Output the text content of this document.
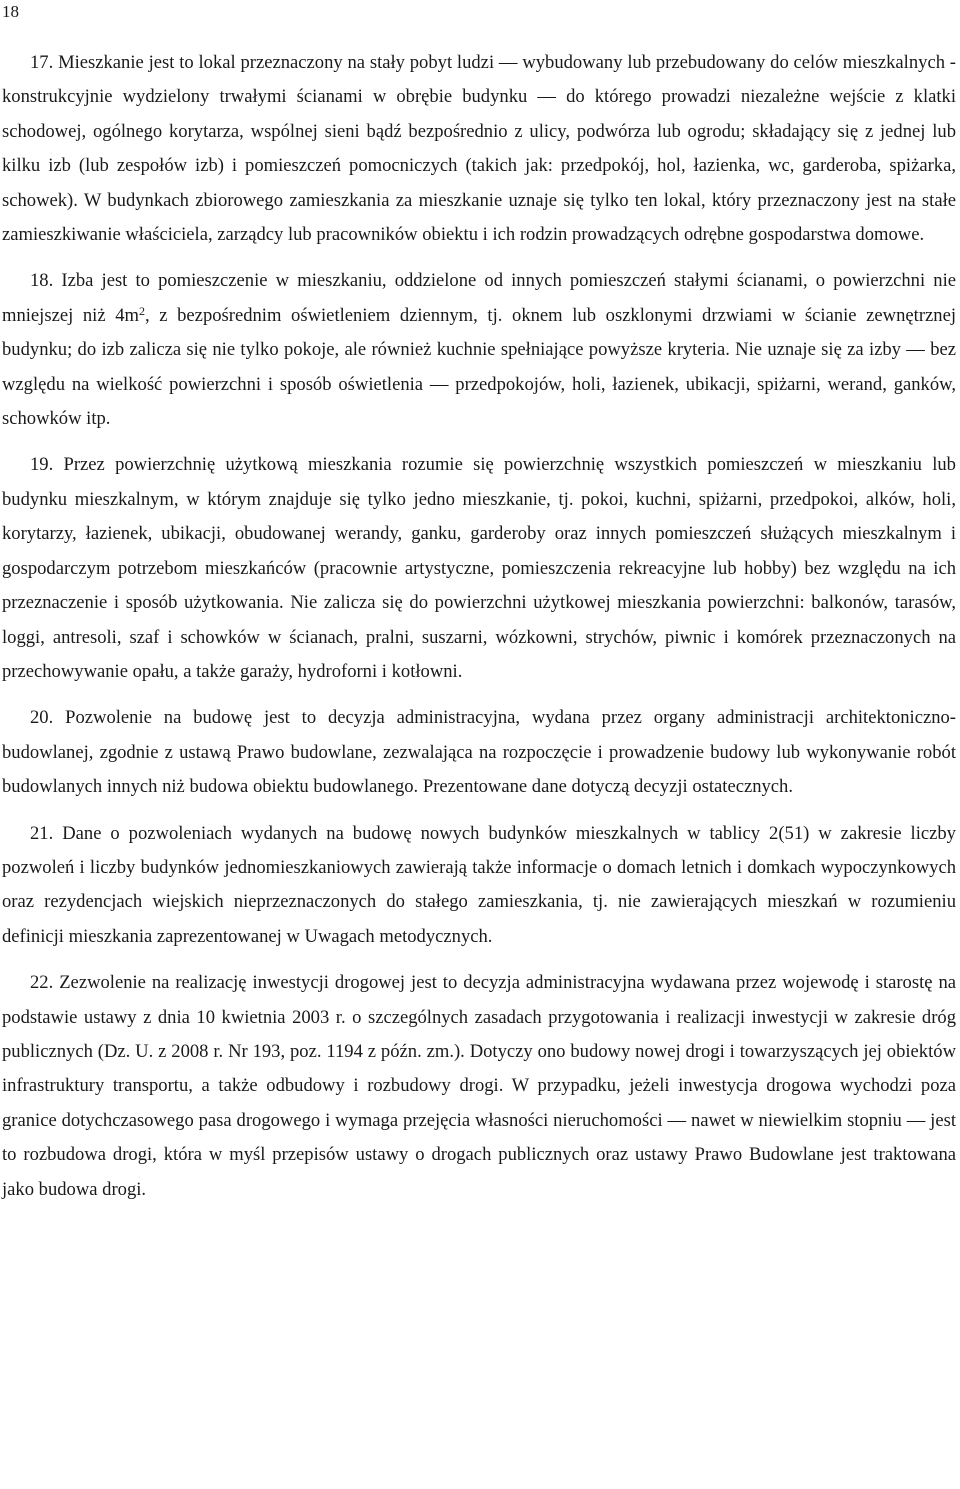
18

17. Mieszkanie jest to lokal przeznaczony na stały pobyt ludzi — wybudowany lub przebudowany do celów mieszkalnych - konstrukcyjnie wydzielony trwałymi ścianami w obrębie budynku — do którego prowadzi niezależne wejście z klatki schodowej, ogólnego korytarza, wspólnej sieni bądź bezpośrednio z ulicy, podwórza lub ogrodu; składający się z jednej lub kilku izb (lub zespołów izb) i pomieszczeń pomocniczych (takich jak: przedpokój, hol, łazienka, wc, garderoba, spiżarka, schowek). W budynkach zbiorowego zamieszkania za mieszkanie uznaje się tylko ten lokal, który przeznaczony jest na stałe zamieszkiwanie właściciela, zarządcy lub pracowników obiektu i ich rodzin prowadzących odrębne gospodarstwa domowe.

18. Izba jest to pomieszczenie w mieszkaniu, oddzielone od innych pomieszczeń stałymi ścianami, o powierzchni nie mniejszej niż $4m^2$, z bezpośrednim oświetleniem dziennym, tj. oknem lub oszklonymi drzwiami w ścianie zewnętrznej budynku; do izb zalicza się nie tylko pokoje, ale również kuchnie spełniające powyższe kryteria. Nie uznaje się za izby — bez względu na wielkość powierzchni i sposób oświetlenia — przedpokojów, holi, łazienek, ubikacji, spiżarni, werand, ganków, schowków itp.

19. Przez powierzchnię użytkową mieszkania rozumie się powierzchnię wszystkich pomieszczeń w mieszkaniu lub budynku mieszkalnym, w którym znajduje się tylko jedno mieszkanie, tj. pokoi, kuchni, spiżarni, przedpokoi, alków, holi, korytarzy, łazienek, ubikacji, obudowanej werandy, ganku, garderoby oraz innych pomieszczeń służących mieszkalnym i gospodarczym potrzebom mieszkańców (pracownie artystyczne, pomieszczenia rekreacyjne lub hobby) bez względu na ich przeznaczenie i sposób użytkowania. Nie zalicza się do powierzchni użytkowej mieszkania powierzchni: balkonów, tarasów, loggi, antresoli, szaf i schowków w ścianach, pralni, suszarni, wózkowni, strychów, piwnic i komórek przeznaczonych na przechowywanie opału, a także garaży, hydroforni i kotłowni.

20. Pozwolenie na budowę jest to decyzja administracyjna, wydana przez organy administracji architektoniczno-budowlanej, zgodnie z ustawą Prawo budowlane, zezwalająca na rozpoczęcie i prowadzenie budowy lub wykonywanie robót budowlanych innych niż budowa obiektu budowlanego. Prezentowane dane dotyczą decyzji ostatecznych.

21. Dane o pozwoleniach wydanych na budowę nowych budynków mieszkalnych w tablicy 2(51) w zakresie liczby pozwoleń i liczby budynków jednomieszkaniowych zawierają także informacje o domach letnich i domkach wypoczynkowych oraz rezydencjach wiejskich nieprzeznaczonych do stałego zamieszkania, tj. nie zawierających mieszkań w rozumieniu definicji mieszkania zaprezentowanej w Uwagach metodycznych.

22. Zezwolenie na realizację inwestycji drogowej jest to decyzja administracyjna wydawana przez wojewodę i starostę na podstawie ustawy z dnia 10 kwietnia 2003 r. o szczególnych zasadach przygotowania i realizacji inwestycji w zakresie dróg publicznych (Dz. U. z 2008 r. Nr 193, poz. 1194 z późn. zm.). Dotyczy ono budowy nowej drogi i towarzyszących jej obiektów infrastruktury transportu, a także odbudowy i rozbudowy drogi. W przypadku, jeżeli inwestycja drogowa wychodzi poza granice dotychczasowego pasa drogowego i wymaga przejęcia własności nieruchomości — nawet w niewielkim stopniu — jest to rozbudowa drogi, która w myśl przepisów ustawy o drogach publicznych oraz ustawy Prawo Budowlane jest traktowana jako budowa drogi.
